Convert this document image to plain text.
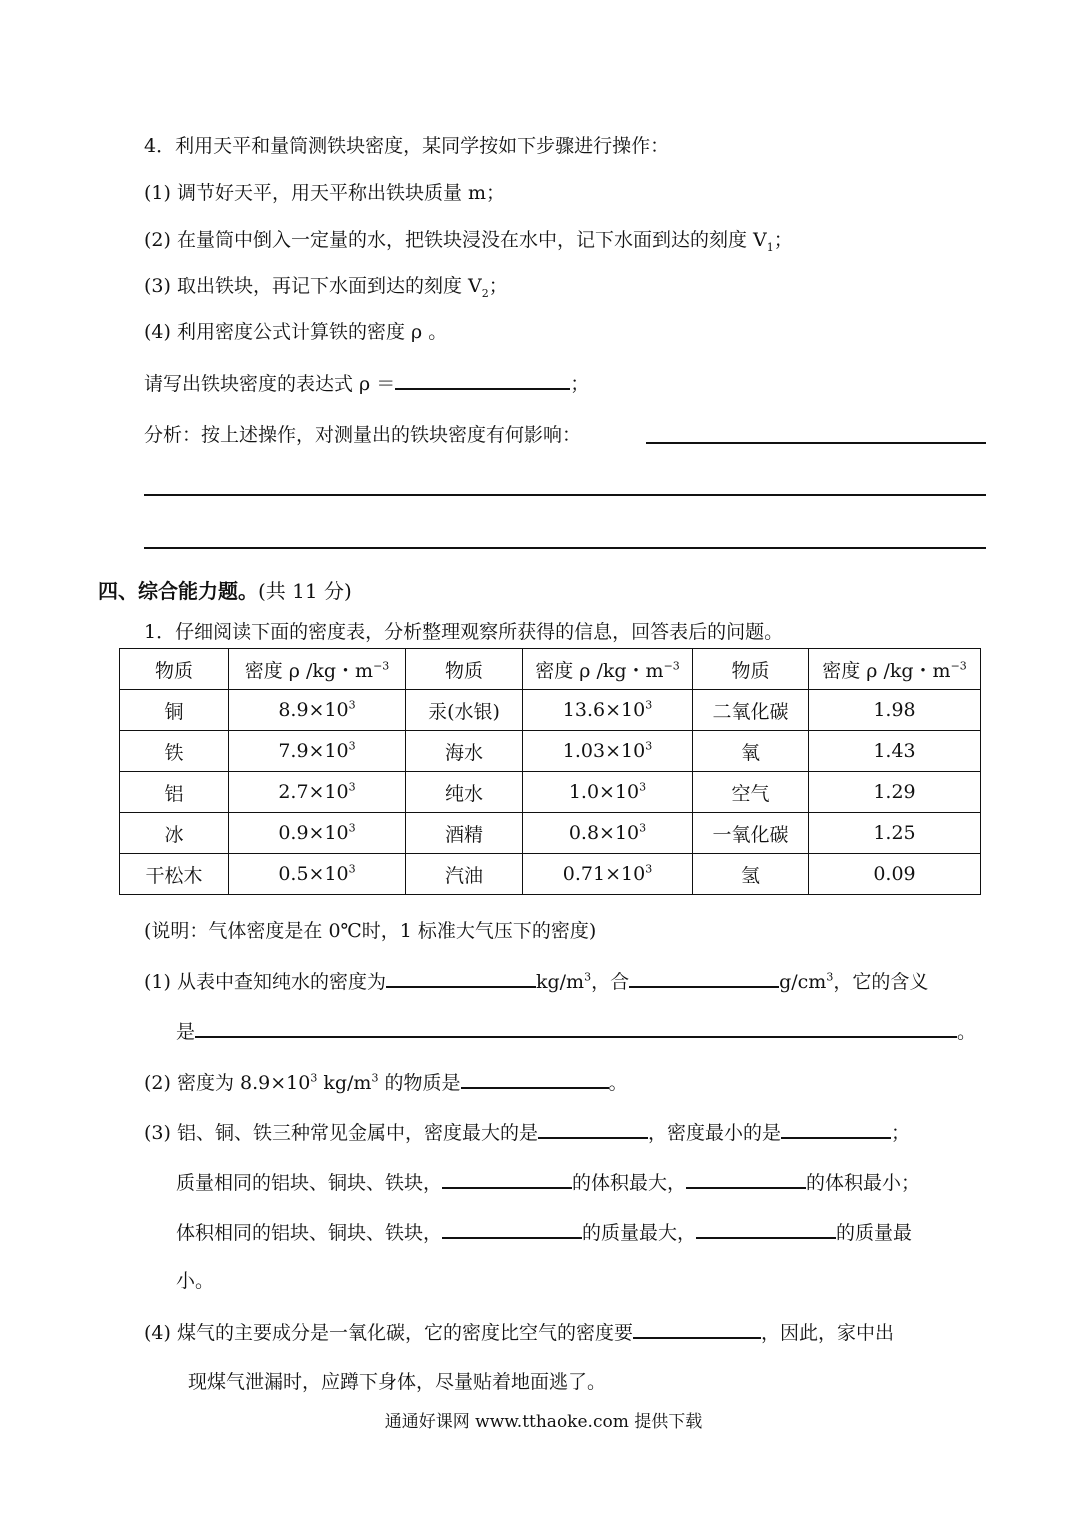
4．利用天平和量筒测铁块密度，某同学按如下步骤进行操作：
(1) 调节好天平，用天平称出铁块质量 m；
(2) 在量筒中倒入一定量的水，把铁块浸没在水中，记下水面到达的刻度 $V_1$；
(3) 取出铁块，再记下水面到达的刻度 $V_2$；
(4) 利用密度公式计算铁的密度 ρ 。
请写出铁块密度的表达式 ρ ＝	；
分析：按上述操作，对测量出的铁块密度有何影响：
四、综合能力题。(共 11 分)
1．仔细阅读下面的密度表，分析整理观察所获得的信息，回答表后的问题。
物质	密度 ρ /kg・$m^{-3}$	物质	密度 ρ /kg・$m^{-3}$	物质	密度 ρ /kg・$m^{-3}$
铜	$8.9\times 10^3$	汞(水银)	$13.6\times 10^3$	二氧化碳	1.98
铁	$7.9\times 10^3$	海水	$1.03\times 10^3$	氧	1.43
铝	$2.7\times 10^3$	纯水	$1.0\times 10^3$	空气	1.29
冰	$0.9\times 10^3$	酒精	$0.8\times 10^3$	一氧化碳	1.25
干松木	$0.5\times 10^3$	汽油	$0.71\times 10^3$	氢	0.09
(说明：气体密度是在 0℃时，1 标准大气压下的密度)
(1) 从表中查知纯水的密度为	$kg/m^3$，合	$g/cm^3$，它的含义
是	。
(2) 密度为 $8.9\times 10^3$ $kg/m^3$ 的物质是	。
(3) 铝、铜、铁三种常见金属中，密度最大的是	，密度最小的是	；
质量相同的铝块、铜块、铁块，	的体积最大，	的体积最小；
体积相同的铝块、铜块、铁块，	的质量最大，	的质量最
小。
(4) 煤气的主要成分是一氧化碳，它的密度比空气的密度要	，因此，家中出
现煤气泄漏时，应蹲下身体，尽量贴着地面逃了。
通通好课网 www.tthaoke.com 提供下载
